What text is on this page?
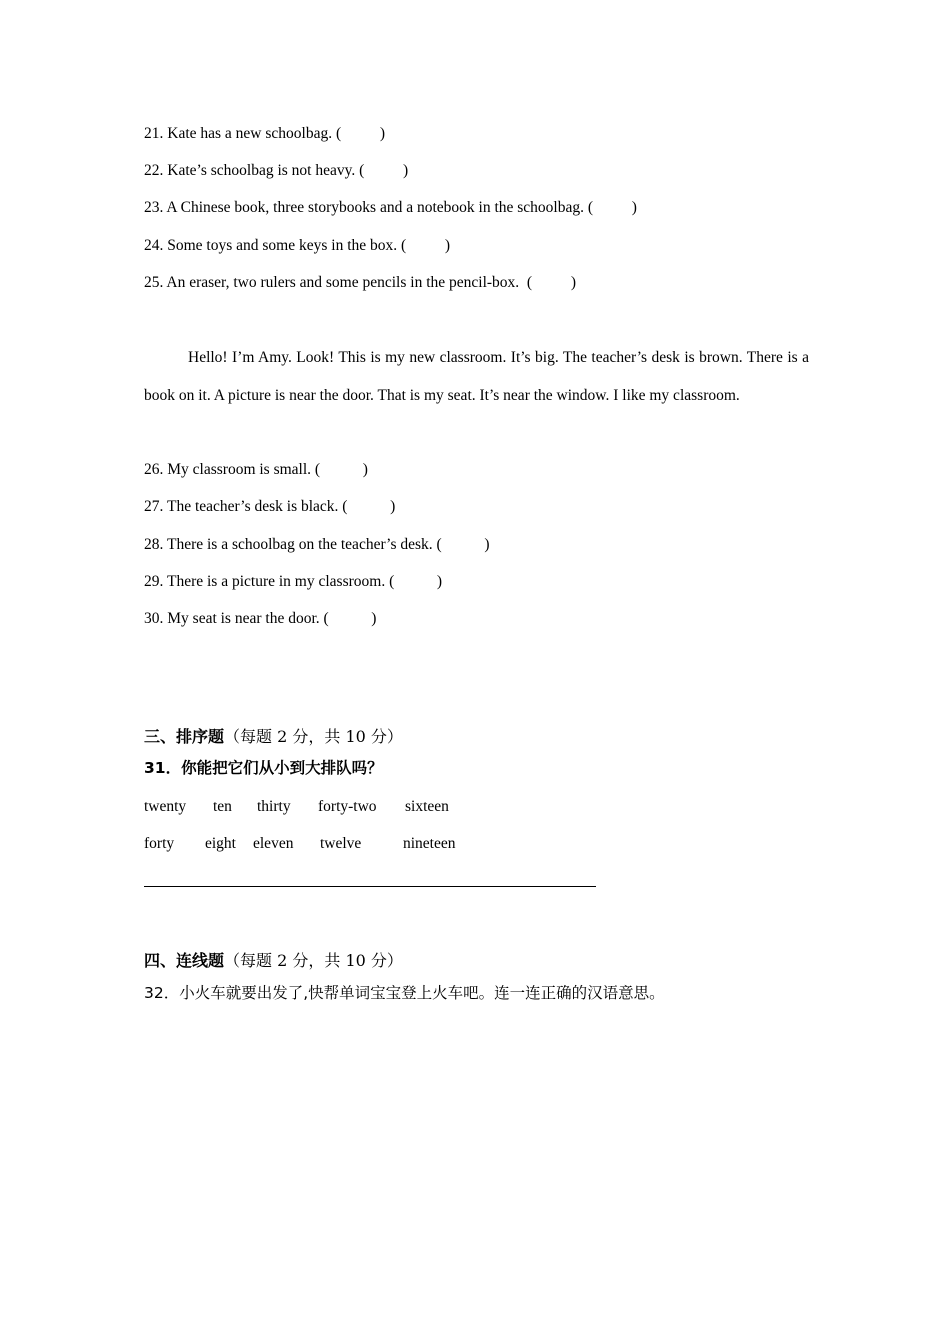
21. Kate has a new schoolbag. (          )
22. Kate’s schoolbag is not heavy. (          )
23. A Chinese book, three storybooks and a notebook in the schoolbag. (          )
24. Some toys and some keys in the box. (          )
25. An eraser, two rulers and some pencils in the pencil-box.  (          )
Hello! I’m Amy. Look! This is my new classroom. It’s big. The teacher’s desk is brown. There is a book on it. A picture is near the door. That is my seat. It’s near the window. I like my classroom.
26. My classroom is small. (           )
27. The teacher’s desk is black. (           )
28. There is a schoolbag on the teacher’s desk. (           )
29. There is a picture in my classroom. (           )
30. My seat is near the door. (           )
三、排序题（每题 2 分，共 10 分）
31．你能把它们从小到大排队吗？
twenty ten thirty forty-two sixteen
forty eight eleven twelve	nineteen
四、连线题（每题 2 分，共 10 分）
32．小火车就要出发了,快帮单词宝宝登上火车吧。连一连正确的汉语意思。
